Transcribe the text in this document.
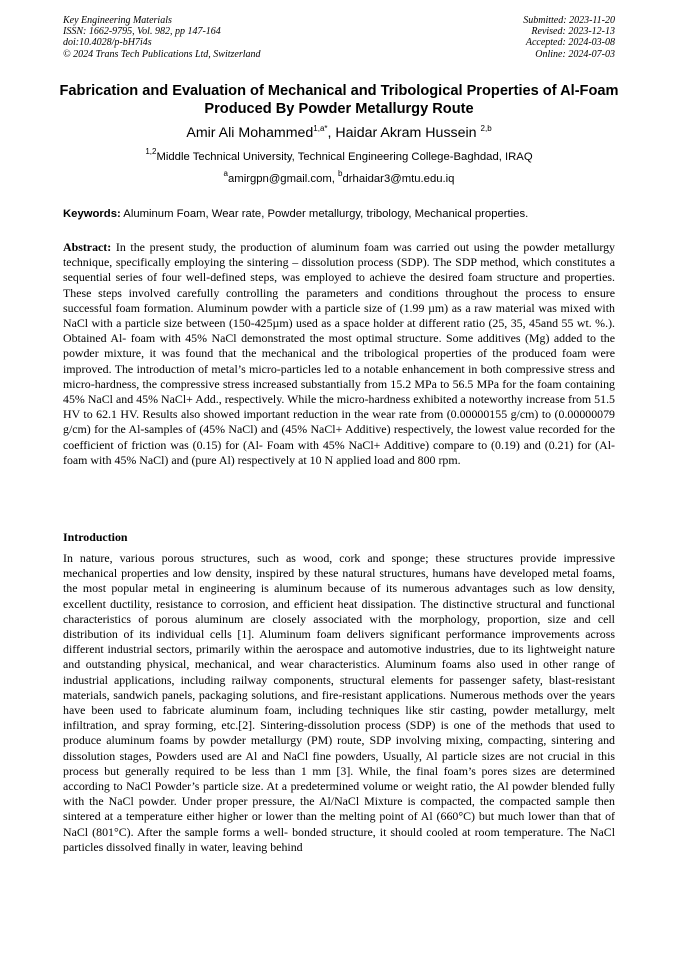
Key Engineering Materials
ISSN: 1662-9795, Vol. 982, pp 147-164
doi:10.4028/p-bH7i4s
© 2024 Trans Tech Publications Ltd, Switzerland
Submitted: 2023-11-20
Revised: 2023-12-13
Accepted: 2024-03-08
Online: 2024-07-03
Fabrication and Evaluation of Mechanical and Tribological Properties of Al-Foam Produced By Powder Metallurgy Route
Amir Ali Mohammed$^{1,a*}$, Haidar Akram Hussein $^{2,b}$
$^{1,2}$Middle Technical University, Technical Engineering College-Baghdad, IRAQ
$^a$amirgpn@gmail.com, $^b$drhaidar3@mtu.edu.iq
Keywords: Aluminum Foam, Wear rate, Powder metallurgy, tribology, Mechanical properties.
Abstract: In the present study, the production of aluminum foam was carried out using the powder metallurgy technique, specifically employing the sintering – dissolution process (SDP). The SDP method, which constitutes a sequential series of four well-defined steps, was employed to achieve the desired foam structure and properties. These steps involved carefully controlling the parameters and conditions throughout the process to ensure successful foam formation. Aluminum powder with a particle size of (1.99 µm) as a raw material was mixed with NaCl with a particle size between (150-425µm) used as a space holder at different ratio (25, 35, 45and 55 wt. %.). Obtained Al- foam with 45% NaCl demonstrated the most optimal structure. Some additives (Mg) added to the powder mixture, it was found that the mechanical and the tribological properties of the produced foam were improved. The introduction of metal’s micro-particles led to a notable enhancement in both compressive stress and micro-hardness, the compressive stress increased substantially from 15.2 MPa to 56.5 MPa for the foam containing 45% NaCl and 45% NaCl+ Add., respectively. While the micro-hardness exhibited a noteworthy increase from 51.5 HV to 62.1 HV. Results also showed important reduction in the wear rate from (0.00000155 g/cm) to (0.00000079 g/cm) for the Al-samples of (45% NaCl) and (45% NaCl+ Additive) respectively, the lowest value recorded for the coefficient of friction was (0.15) for (Al- Foam with 45% NaCl+ Additive) compare to (0.19) and (0.21) for (Al-foam with 45% NaCl) and (pure Al) respectively at 10 N applied load and 800 rpm.
Introduction
In nature, various porous structures, such as wood, cork and sponge; these structures provide impressive mechanical properties and low density, inspired by these natural structures, humans have developed metal foams, the most popular metal in engineering is aluminum because of its numerous advantages such as low density, excellent ductility, resistance to corrosion, and efficient heat dissipation. The distinctive structural and functional characteristics of porous aluminum are closely associated with the morphology, proportion, size and cell distribution of its individual cells [1]. Aluminum foam delivers significant performance improvements across different industrial sectors, primarily within the aerospace and automotive industries, due to its lightweight nature and outstanding physical, mechanical, and wear characteristics. Aluminum foams also used in other range of industrial applications, including railway components, structural elements for passenger safety, blast-resistant materials, sandwich panels, packaging solutions, and fire-resistant applications. Numerous methods over the years have been used to fabricate aluminum foam, including techniques like stir casting, powder metallurgy, melt infiltration, and spray forming, etc.[2]. Sintering-dissolution process (SDP) is one of the methods that used to produce aluminum foams by powder metallurgy (PM) route, SDP involving mixing, compacting, sintering and dissolution stages, Powders used are Al and NaCl fine powders, Usually, Al particle sizes are not crucial in this process but generally required to be less than 1 mm [3]. While, the final foam’s pores sizes are determined according to NaCl Powder’s particle size. At a predetermined volume or weight ratio, the Al powder blended fully with the NaCl powder. Under proper pressure, the Al/NaCl Mixture is compacted, the compacted sample then sintered at a temperature either higher or lower than the melting point of Al (660°C) but much lower than that of NaCl (801°C). After the sample forms a well- bonded structure, it should cooled at room temperature. The NaCl particles dissolved finally in water, leaving behind
